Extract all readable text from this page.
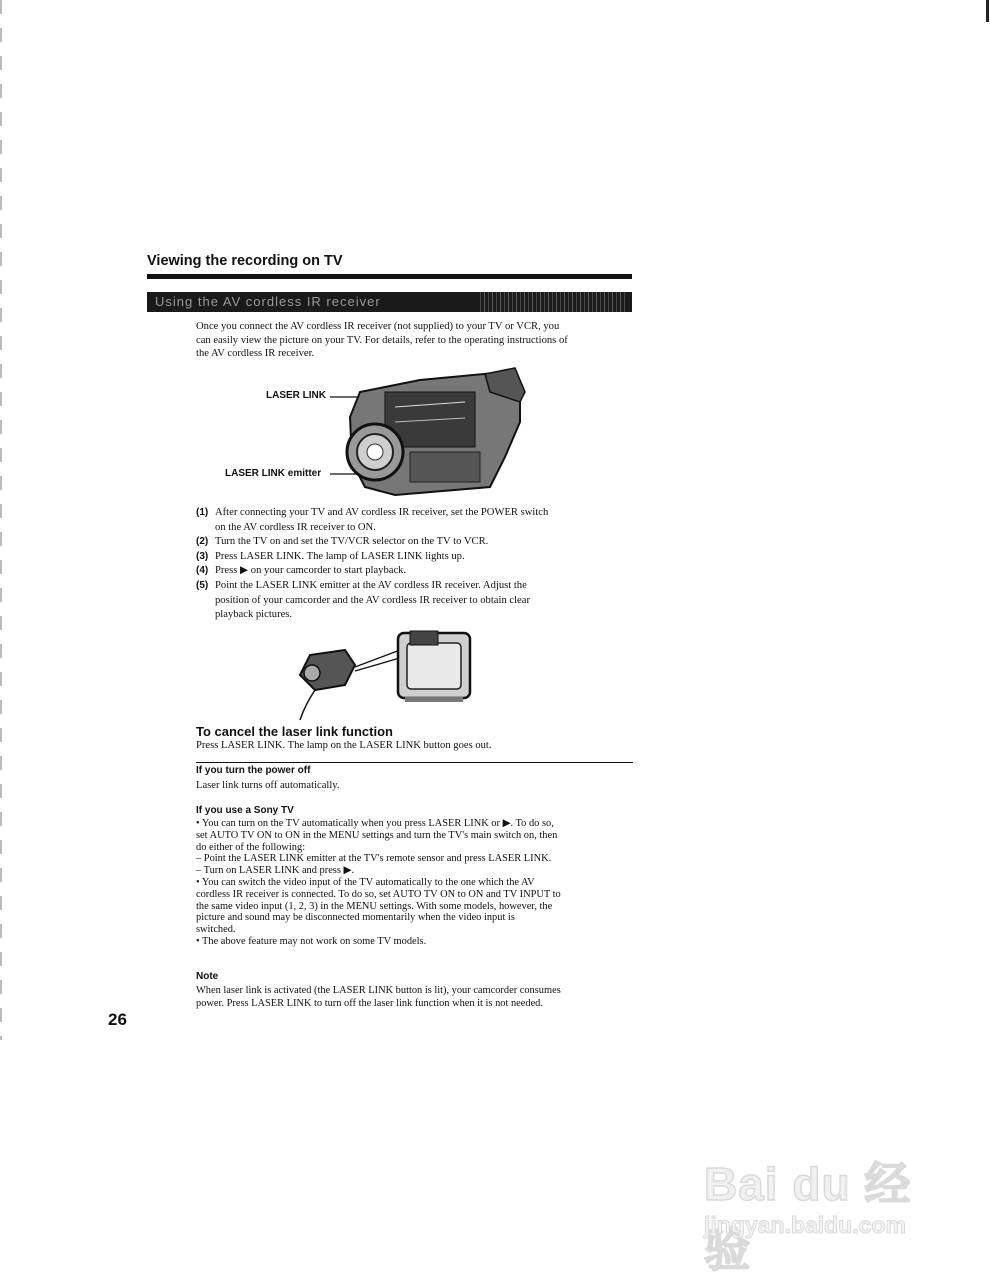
Viewing the recording on TV
Using the AV cordless IR receiver
Once you connect the AV cordless IR receiver (not supplied) to your TV or VCR, you
can easily view the picture on your TV. For details, refer to the operating instructions of
the AV cordless IR receiver.
LASER LINK
LASER LINK emitter
(1) After connecting your TV and AV cordless IR receiver, set the POWER switch
on the AV cordless IR receiver to ON.
(2) Turn the TV on and set the TV/VCR selector on the TV to VCR.
(3) Press LASER LINK. The lamp of LASER LINK lights up.
(4) Press ▶ on your camcorder to start playback.
(5) Point the LASER LINK emitter at the AV cordless IR receiver. Adjust the
position of your camcorder and the AV cordless IR receiver to obtain clear
playback pictures.
To cancel the laser link function
Press LASER LINK. The lamp on the LASER LINK button goes out.
If you turn the power off
Laser link turns off automatically.
If you use a Sony TV
• You can turn on the TV automatically when you press LASER LINK or ▶. To do so,
set AUTO TV ON to ON in the MENU settings and turn the TV's main switch on, then
do either of the following:
– Point the LASER LINK emitter at the TV's remote sensor and press LASER LINK.
– Turn on LASER LINK and press ▶.
• You can switch the video input of the TV automatically to the one which the AV
cordless IR receiver is connected. To do so, set AUTO TV ON to ON and TV INPUT to
the same video input (1, 2, 3) in the MENU settings. With some models, however, the
picture and sound may be disconnected momentarily when the video input is
switched.
• The above feature may not work on some TV models.
Note
When laser link is activated (the LASER LINK button is lit), your camcorder consumes
power. Press LASER LINK to turn off the laser link function when it is not needed.
26
Bai du 经验
jingyan.baidu.com
